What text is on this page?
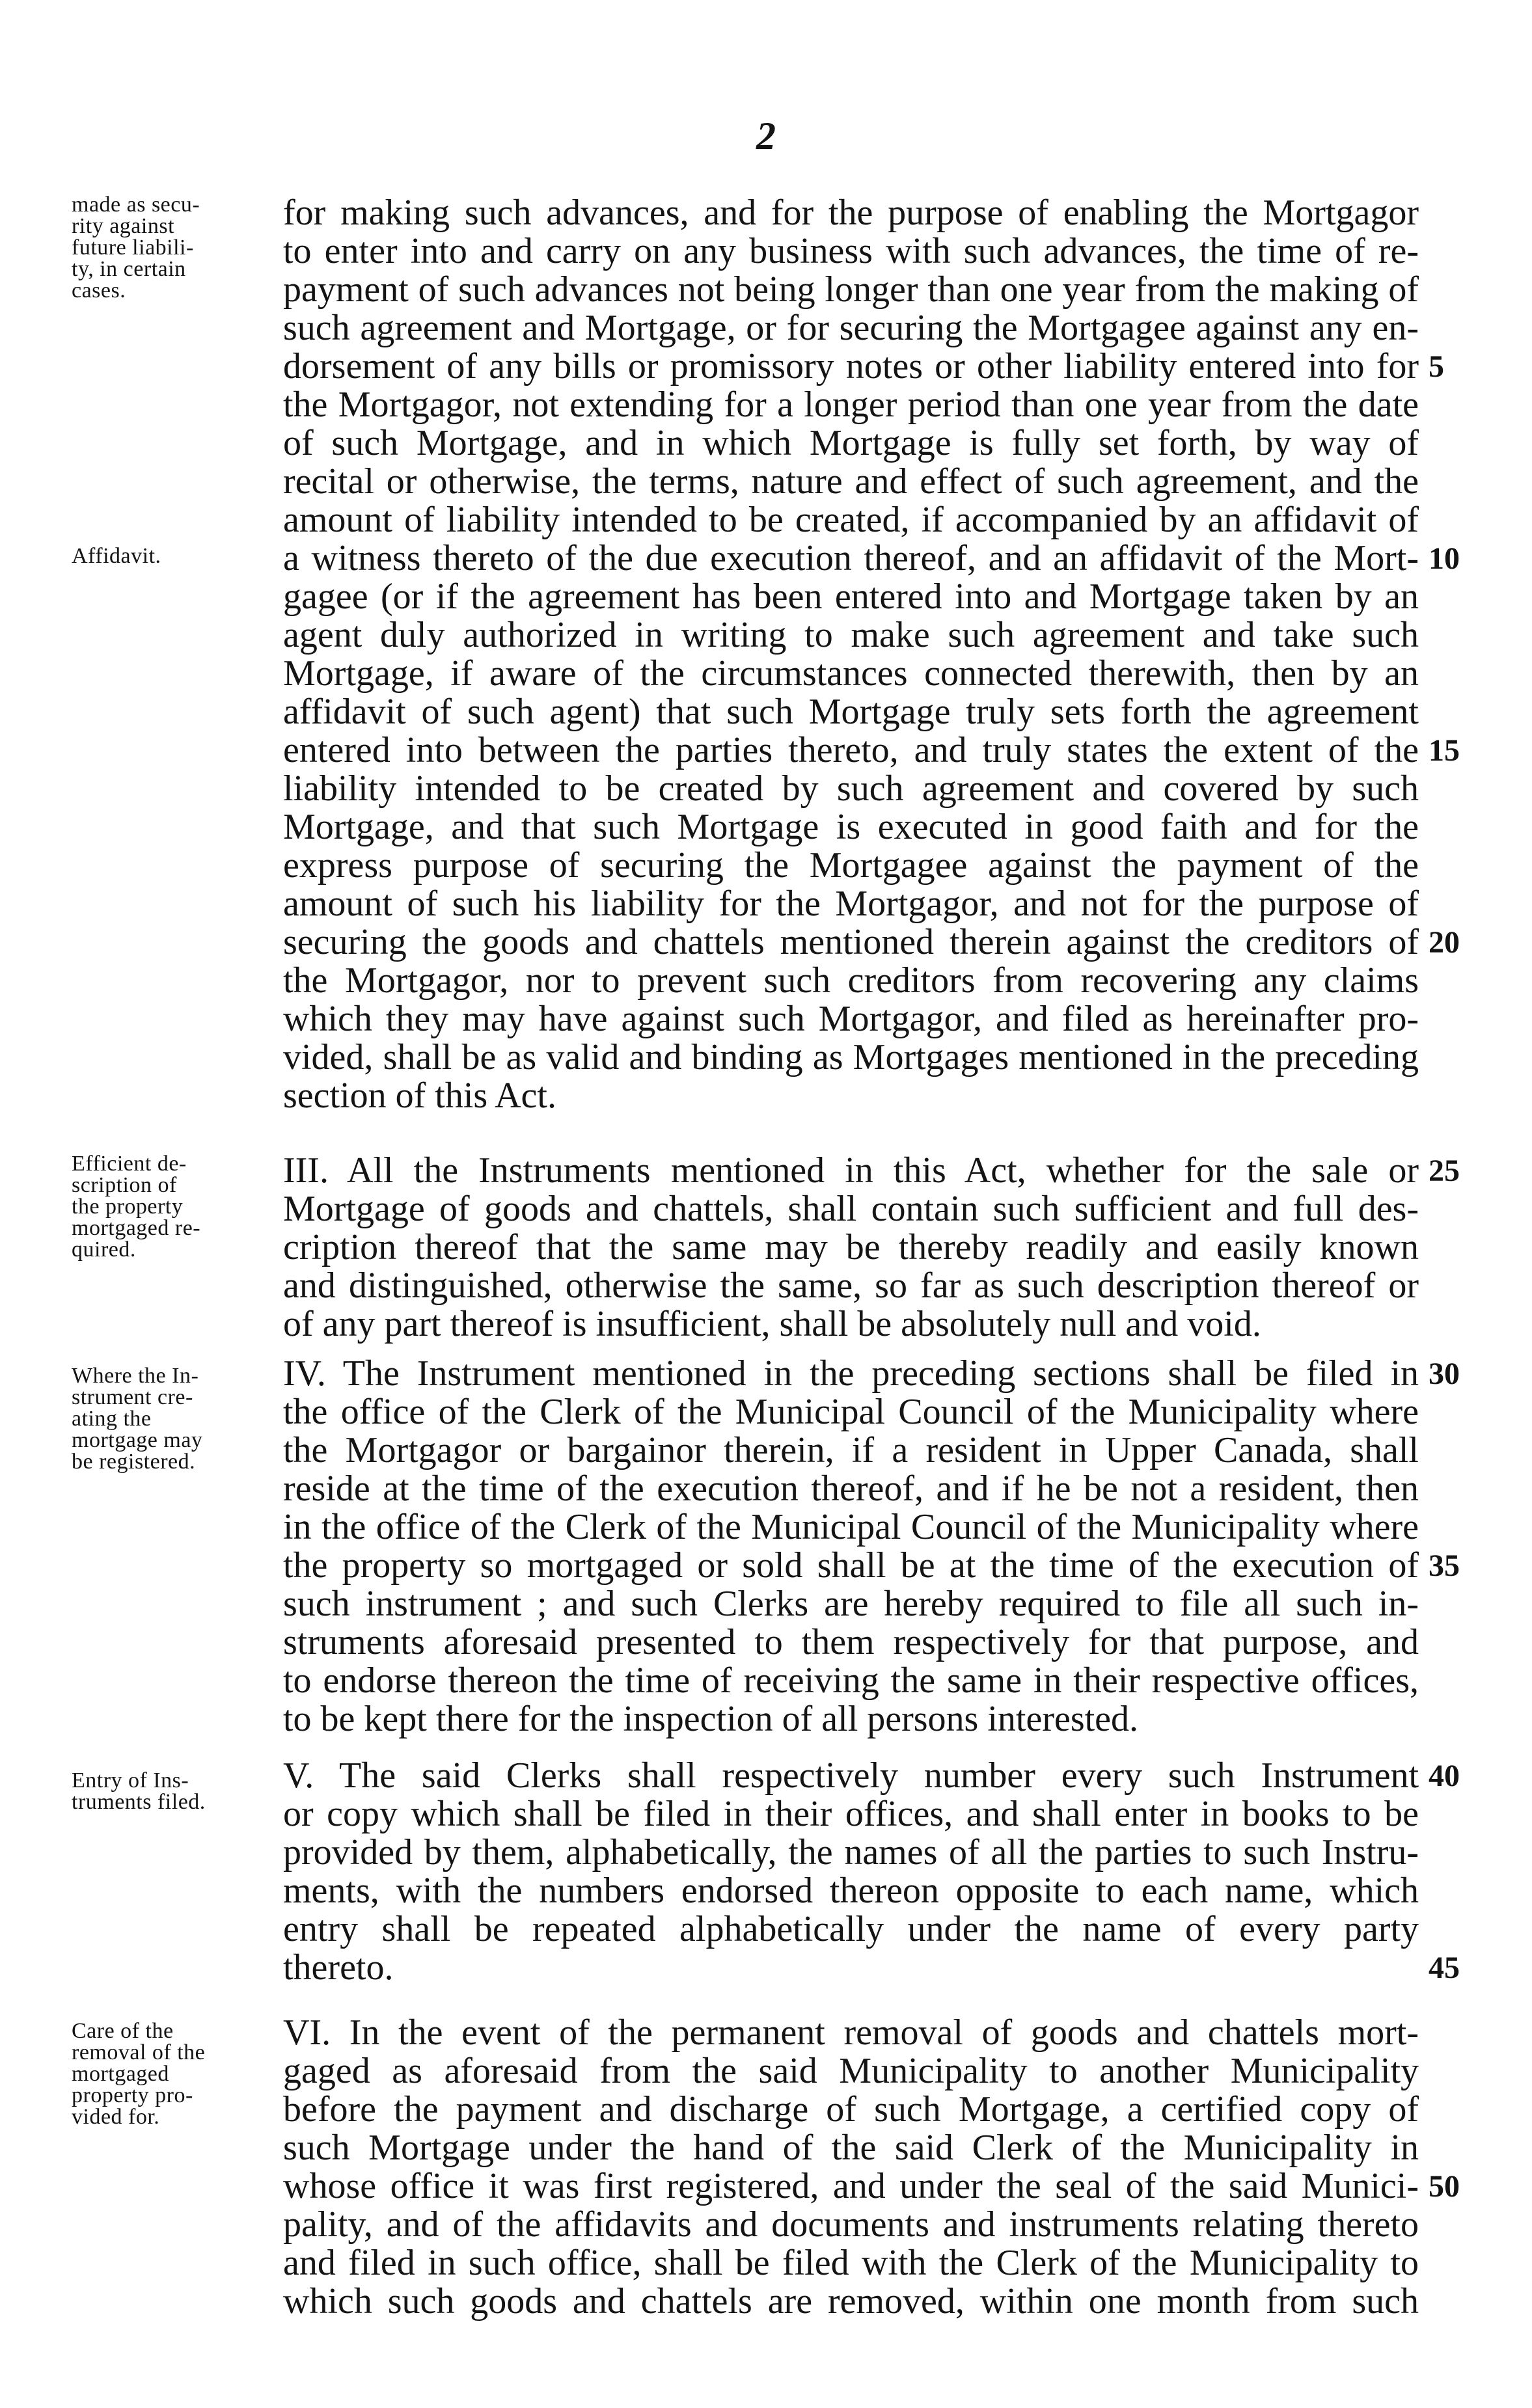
2
made as secu-
rity against
future liabili-
ty, in certain
cases.
Affidavit.
for making such advances, and for the purpose of enabling the Mortgagor
to enter into and carry on any business with such advances, the time of re-
payment of such advances not being longer than one year from the making of
such agreement and Mortgage, or for securing the Mortgagee against any en-
dorsement of any bills or promissory notes or other liability entered into for
the Mortgagor, not extending for a longer period than one year from the date
of such Mortgage, and in which Mortgage is fully set forth, by way of
recital or otherwise, the terms, nature and effect of such agreement, and the
amount of liability intended to be created, if accompanied by an affidavit of
a witness thereto of the due execution thereof, and an affidavit of the Mort-
gagee (or if the agreement has been entered into and Mortgage taken by an
agent duly authorized in writing to make such agreement and take such
Mortgage, if aware of the circumstances connected therewith, then by an
affidavit of such agent) that such Mortgage truly sets forth the agreement
entered into between the parties thereto, and truly states the extent of the
liability intended to be created by such agreement and covered by such
Mortgage, and that such Mortgage is executed in good faith and for the
express purpose of securing the Mortgagee against the payment of the
amount of such his liability for the Mortgagor, and not for the purpose of
securing the goods and chattels mentioned therein against the creditors of
the Mortgagor, nor to prevent such creditors from recovering any claims
which they may have against such Mortgagor, and filed as hereinafter pro-
vided, shall be as valid and binding as Mortgages mentioned in the preceding
section of this Act.
5
10
15
20
Efficient de-
scription of
the property
mortgaged re-
quired.
III. All the Instruments mentioned in this Act, whether for the sale or
Mortgage of goods and chattels, shall contain such sufficient and full des-
cription thereof that the same may be thereby readily and easily known
and distinguished, otherwise the same, so far as such description thereof or
of any part thereof is insufficient, shall be absolutely null and void.
25
Where the In-
strument cre-
ating the
mortgage may
be registered.
IV. The Instrument mentioned in the preceding sections shall be filed in
the office of the Clerk of the Municipal Council of the Municipality where
the Mortgagor or bargainor therein, if a resident in Upper Canada, shall
reside at the time of the execution thereof, and if he be not a resident, then
in the office of the Clerk of the Municipal Council of the Municipality where
the property so mortgaged or sold shall be at the time of the execution of
such instrument ; and such Clerks are hereby required to file all such in-
struments aforesaid presented to them respectively for that purpose, and
to endorse thereon the time of receiving the same in their respective offices,
to be kept there for the inspection of all persons interested.
30
35
Entry of Ins-
truments filed.
V. The said Clerks shall respectively number every such Instrument
or copy which shall be filed in their offices, and shall enter in books to be
provided by them, alphabetically, the names of all the parties to such Instru-
ments, with the numbers endorsed thereon opposite to each name, which
entry shall be repeated alphabetically under the name of every party
thereto.
40
45
Care of the
removal of the
mortgaged
property pro-
vided for.
VI. In the event of the permanent removal of goods and chattels mort-
gaged as aforesaid from the said Municipality to another Municipality
before the payment and discharge of such Mortgage, a certified copy of
such Mortgage under the hand of the said Clerk of the Municipality in
whose office it was first registered, and under the seal of the said Munici-
pality, and of the affidavits and documents and instruments relating thereto
and filed in such office, shall be filed with the Clerk of the Municipality to
which such goods and chattels are removed, within one month from such
50
